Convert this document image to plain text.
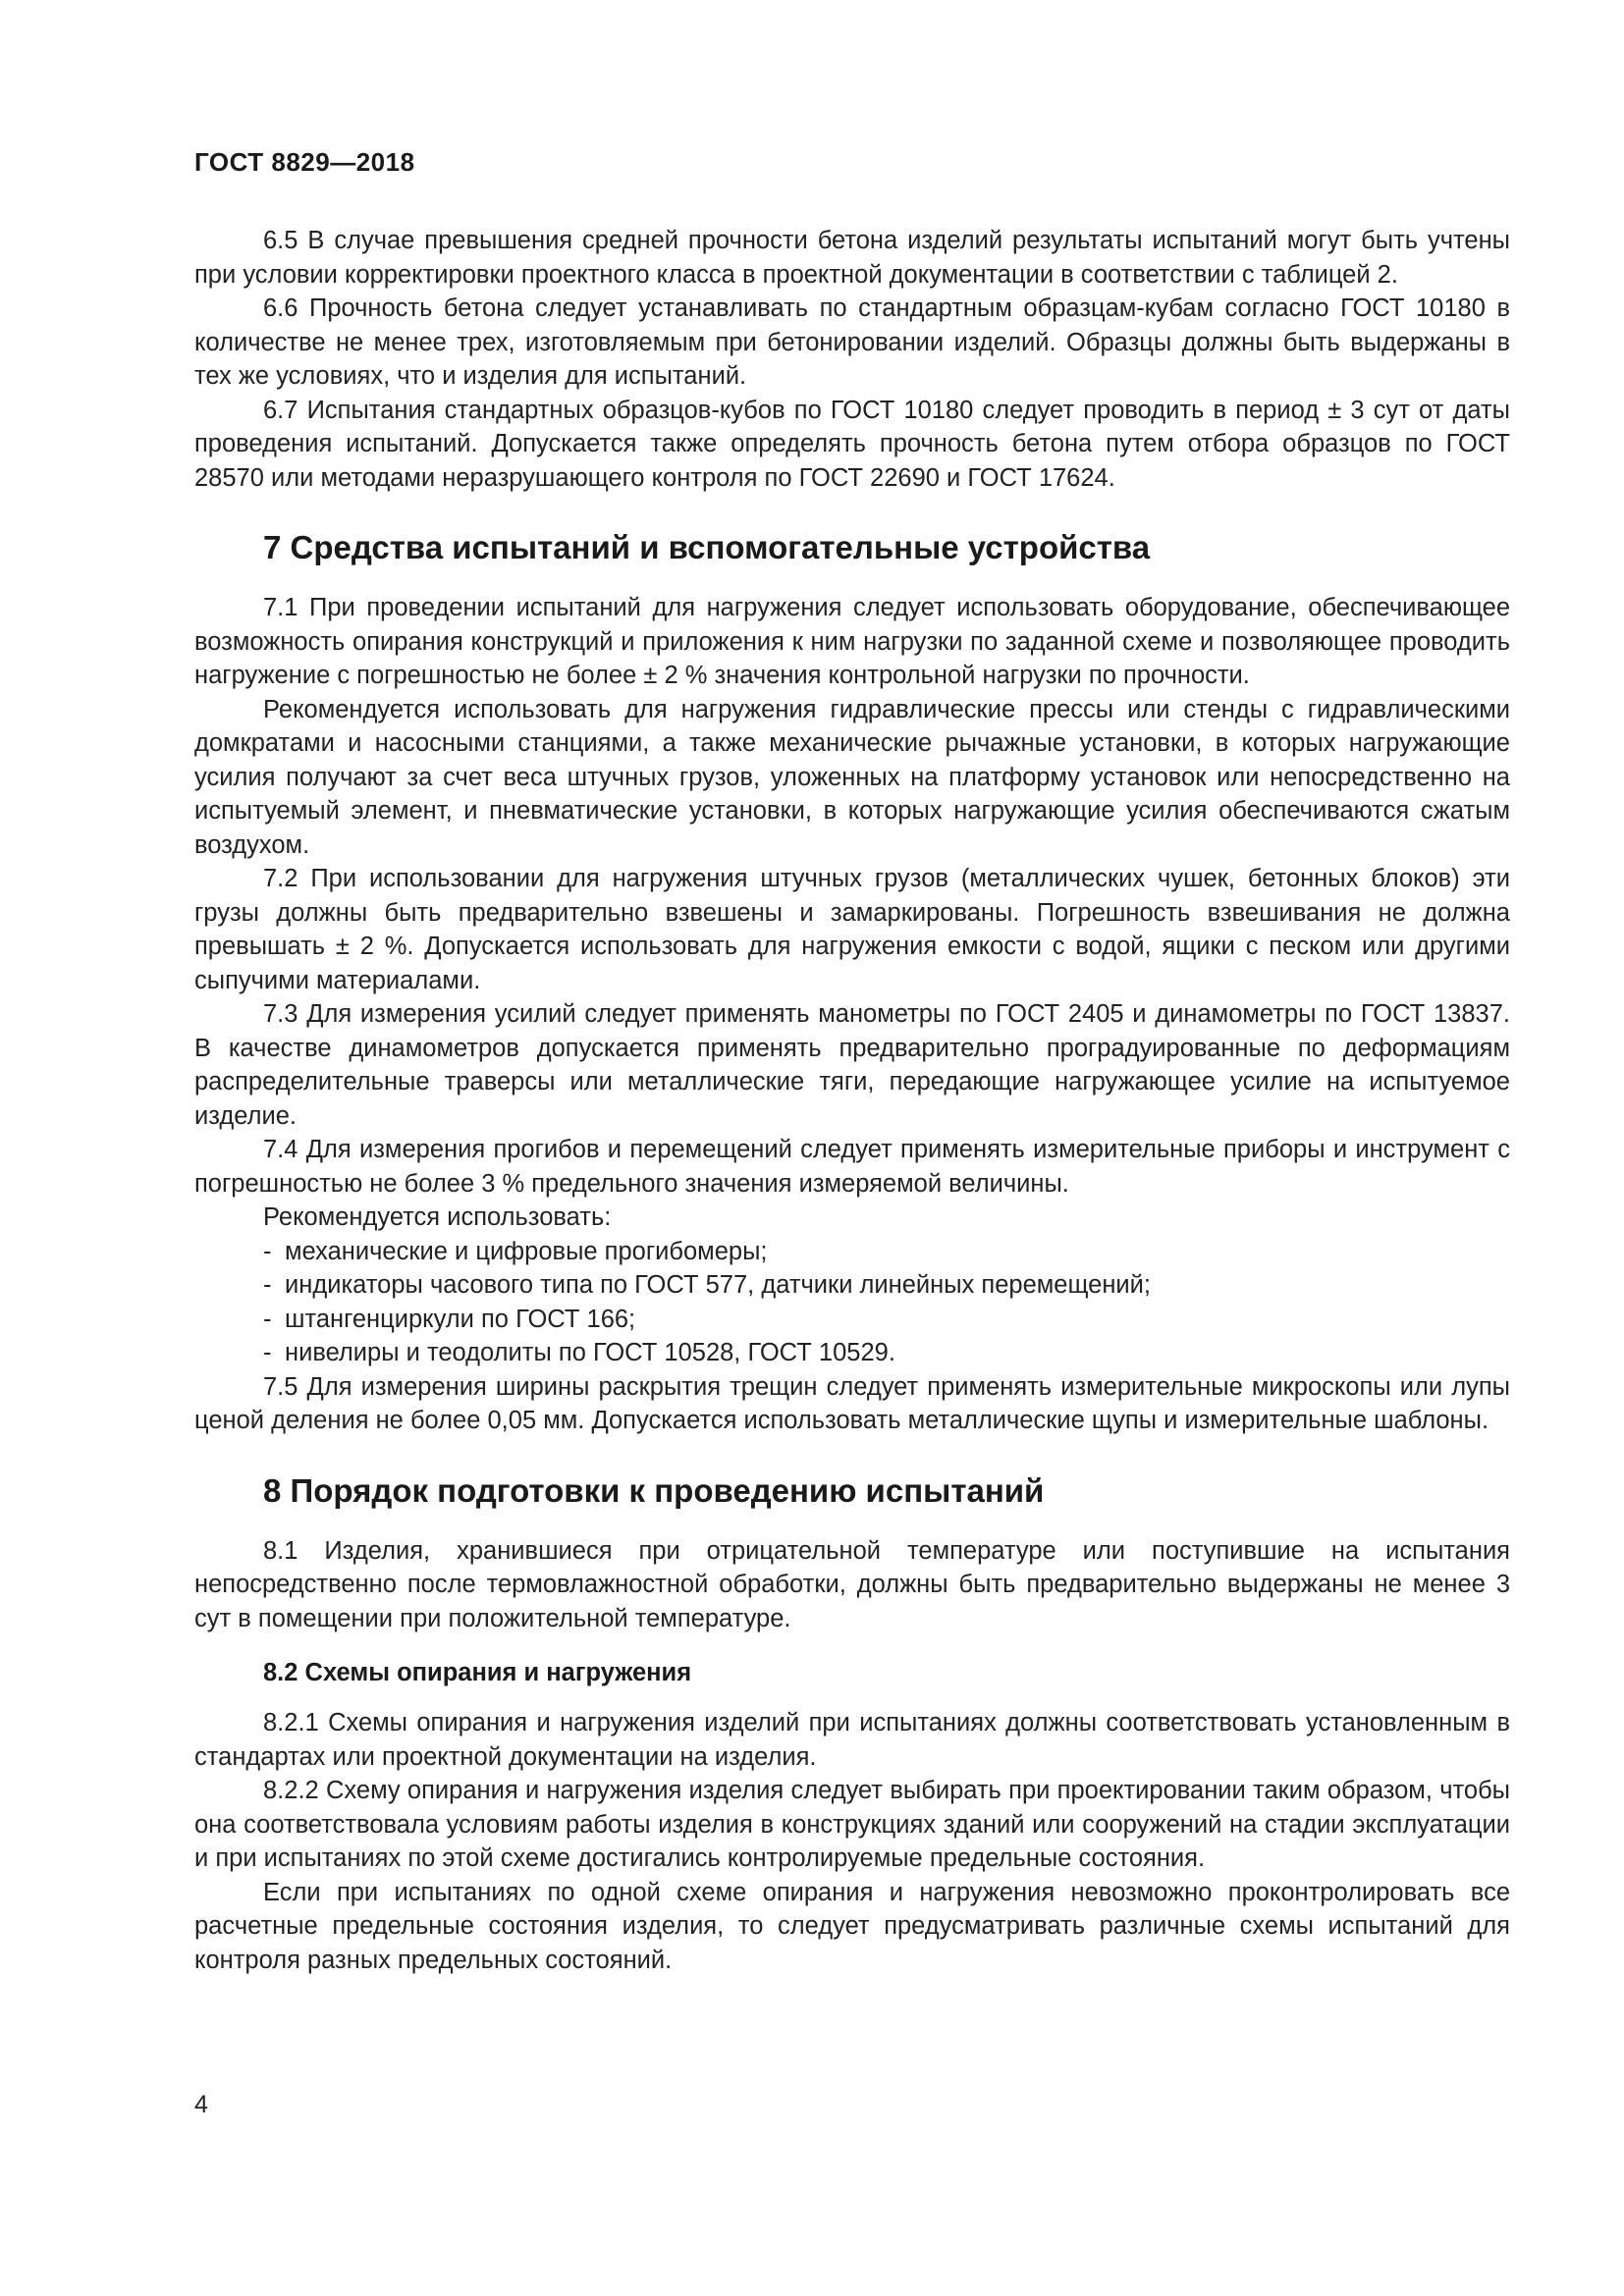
ГОСТ 8829—2018

6.5 В случае превышения средней прочности бетона изделий результаты испытаний могут быть учтены при условии корректировки проектного класса в проектной документации в соответствии с таблицей 2.

6.6 Прочность бетона следует устанавливать по стандартным образцам-кубам согласно ГОСТ 10180 в количестве не менее трех, изготовляемым при бетонировании изделий. Образцы должны быть выдержаны в тех же условиях, что и изделия для испытаний.

6.7 Испытания стандартных образцов-кубов по ГОСТ 10180 следует проводить в период ± 3 сут от даты проведения испытаний. Допускается также определять прочность бетона путем отбора образцов по ГОСТ 28570 или методами неразрушающего контроля по ГОСТ 22690 и ГОСТ 17624.

7 Средства испытаний и вспомогательные устройства

7.1 При проведении испытаний для нагружения следует использовать оборудование, обеспечивающее возможность опирания конструкций и приложения к ним нагрузки по заданной схеме и позволяющее проводить нагружение с погрешностью не более ± 2 % значения контрольной нагрузки по прочности.

Рекомендуется использовать для нагружения гидравлические прессы или стенды с гидравлическими домкратами и насосными станциями, а также механические рычажные установки, в которых нагружающие усилия получают за счет веса штучных грузов, уложенных на платформу установок или непосредственно на испытуемый элемент, и пневматические установки, в которых нагружающие усилия обеспечиваются сжатым воздухом.

7.2 При использовании для нагружения штучных грузов (металлических чушек, бетонных блоков) эти грузы должны быть предварительно взвешены и замаркированы. Погрешность взвешивания не должна превышать ± 2 %. Допускается использовать для нагружения емкости с водой, ящики с песком или другими сыпучими материалами.

7.3 Для измерения усилий следует применять манометры по ГОСТ 2405 и динамометры по ГОСТ 13837. В качестве динамометров допускается применять предварительно проградуированные по деформациям распределительные траверсы или металлические тяги, передающие нагружающее усилие на испытуемое изделие.

7.4 Для измерения прогибов и перемещений следует применять измерительные приборы и инструмент с погрешностью не более 3 % предельного значения измеряемой величины.

Рекомендуется использовать:

- механические и цифровые прогибомеры;
- индикаторы часового типа по ГОСТ 577, датчики линейных перемещений;
- штангенциркули по ГОСТ 166;
- нивелиры и теодолиты по ГОСТ 10528, ГОСТ 10529.

7.5 Для измерения ширины раскрытия трещин следует применять измерительные микроскопы или лупы ценой деления не более 0,05 мм. Допускается использовать металлические щупы и измерительные шаблоны.

8 Порядок подготовки к проведению испытаний

8.1 Изделия, хранившиеся при отрицательной температуре или поступившие на испытания непосредственно после термовлажностной обработки, должны быть предварительно выдержаны не менее 3 сут в помещении при положительной температуре.

8.2 Схемы опирания и нагружения

8.2.1 Схемы опирания и нагружения изделий при испытаниях должны соответствовать установленным в стандартах или проектной документации на изделия.

8.2.2 Схему опирания и нагружения изделия следует выбирать при проектировании таким образом, чтобы она соответствовала условиям работы изделия в конструкциях зданий или сооружений на стадии эксплуатации и при испытаниях по этой схеме достигались контролируемые предельные состояния.

Если при испытаниях по одной схеме опирания и нагружения невозможно проконтролировать все расчетные предельные состояния изделия, то следует предусматривать различные схемы испытаний для контроля разных предельных состояний.

4
